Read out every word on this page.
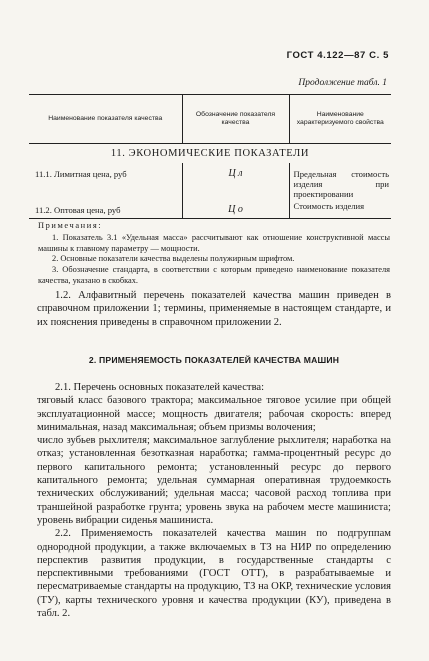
ГОСТ 4.122—87 С. 5
Продолжение табл. 1
Наименование показателя качества	Обозначение показателя качества	Наименование характеризуемого свойства
11. ЭКОНОМИЧЕСКИЕ ПОКАЗАТЕЛИ		
11.1. Лимитная цена, руб	Ц л	Предельная стоимость изделия при проектировании
11.2. Оптовая цена, руб	Ц о	Стоимость изделия
Примечания:

1. Показатель 3.1 «Удельная масса» рассчитывают как отношение конструктивной массы машины к главному параметру — мощности.

2. Основные показатели качества выделены полужирным шрифтом.

3. Обозначение стандарта, в соответствии с которым приведено наименование показателя качества, указано в скобках.

1.2. Алфавитный перечень показателей качества машин приведен в справочном приложении 1; термины, применяемые в настоящем стандарте, и их пояснения приведены в справочном приложении 2.

2. ПРИМЕНЯЕМОСТЬ ПОКАЗАТЕЛЕЙ КАЧЕСТВА МАШИН

2.1. Перечень основных показателей качества:

тяговый класс базового трактора; максимальное тяговое усилие при общей эксплуатационной массе; мощность двигателя; рабочая скорость: вперед минимальная, назад максимальная; объем призмы волочения;

число зубьев рыхлителя; максимальное заглубление рыхлителя; наработка на отказ; установленная безотказная наработка; гамма-процентный ресурс до первого капитального ремонта; установленный ресурс до первого капитального ремонта; удельная суммарная оперативная трудоемкость технических обслуживаний; удельная масса; часовой расход топлива при траншейной разработке грунта; уровень звука на рабочем месте машиниста; уровень вибрации сиденья машиниста.

2.2. Применяемость показателей качества машин по подгруппам однородной продукции, а также включаемых в ТЗ на НИР по определению перспектив развития продукции, в государственные стандарты с перспективными требованиями (ГОСТ ОТТ), в разрабатываемые и пересматриваемые стандарты на продукцию, ТЗ на ОКР, технические условия (ТУ), карты технического уровня и качества продукции (КУ), приведена в табл. 2.
